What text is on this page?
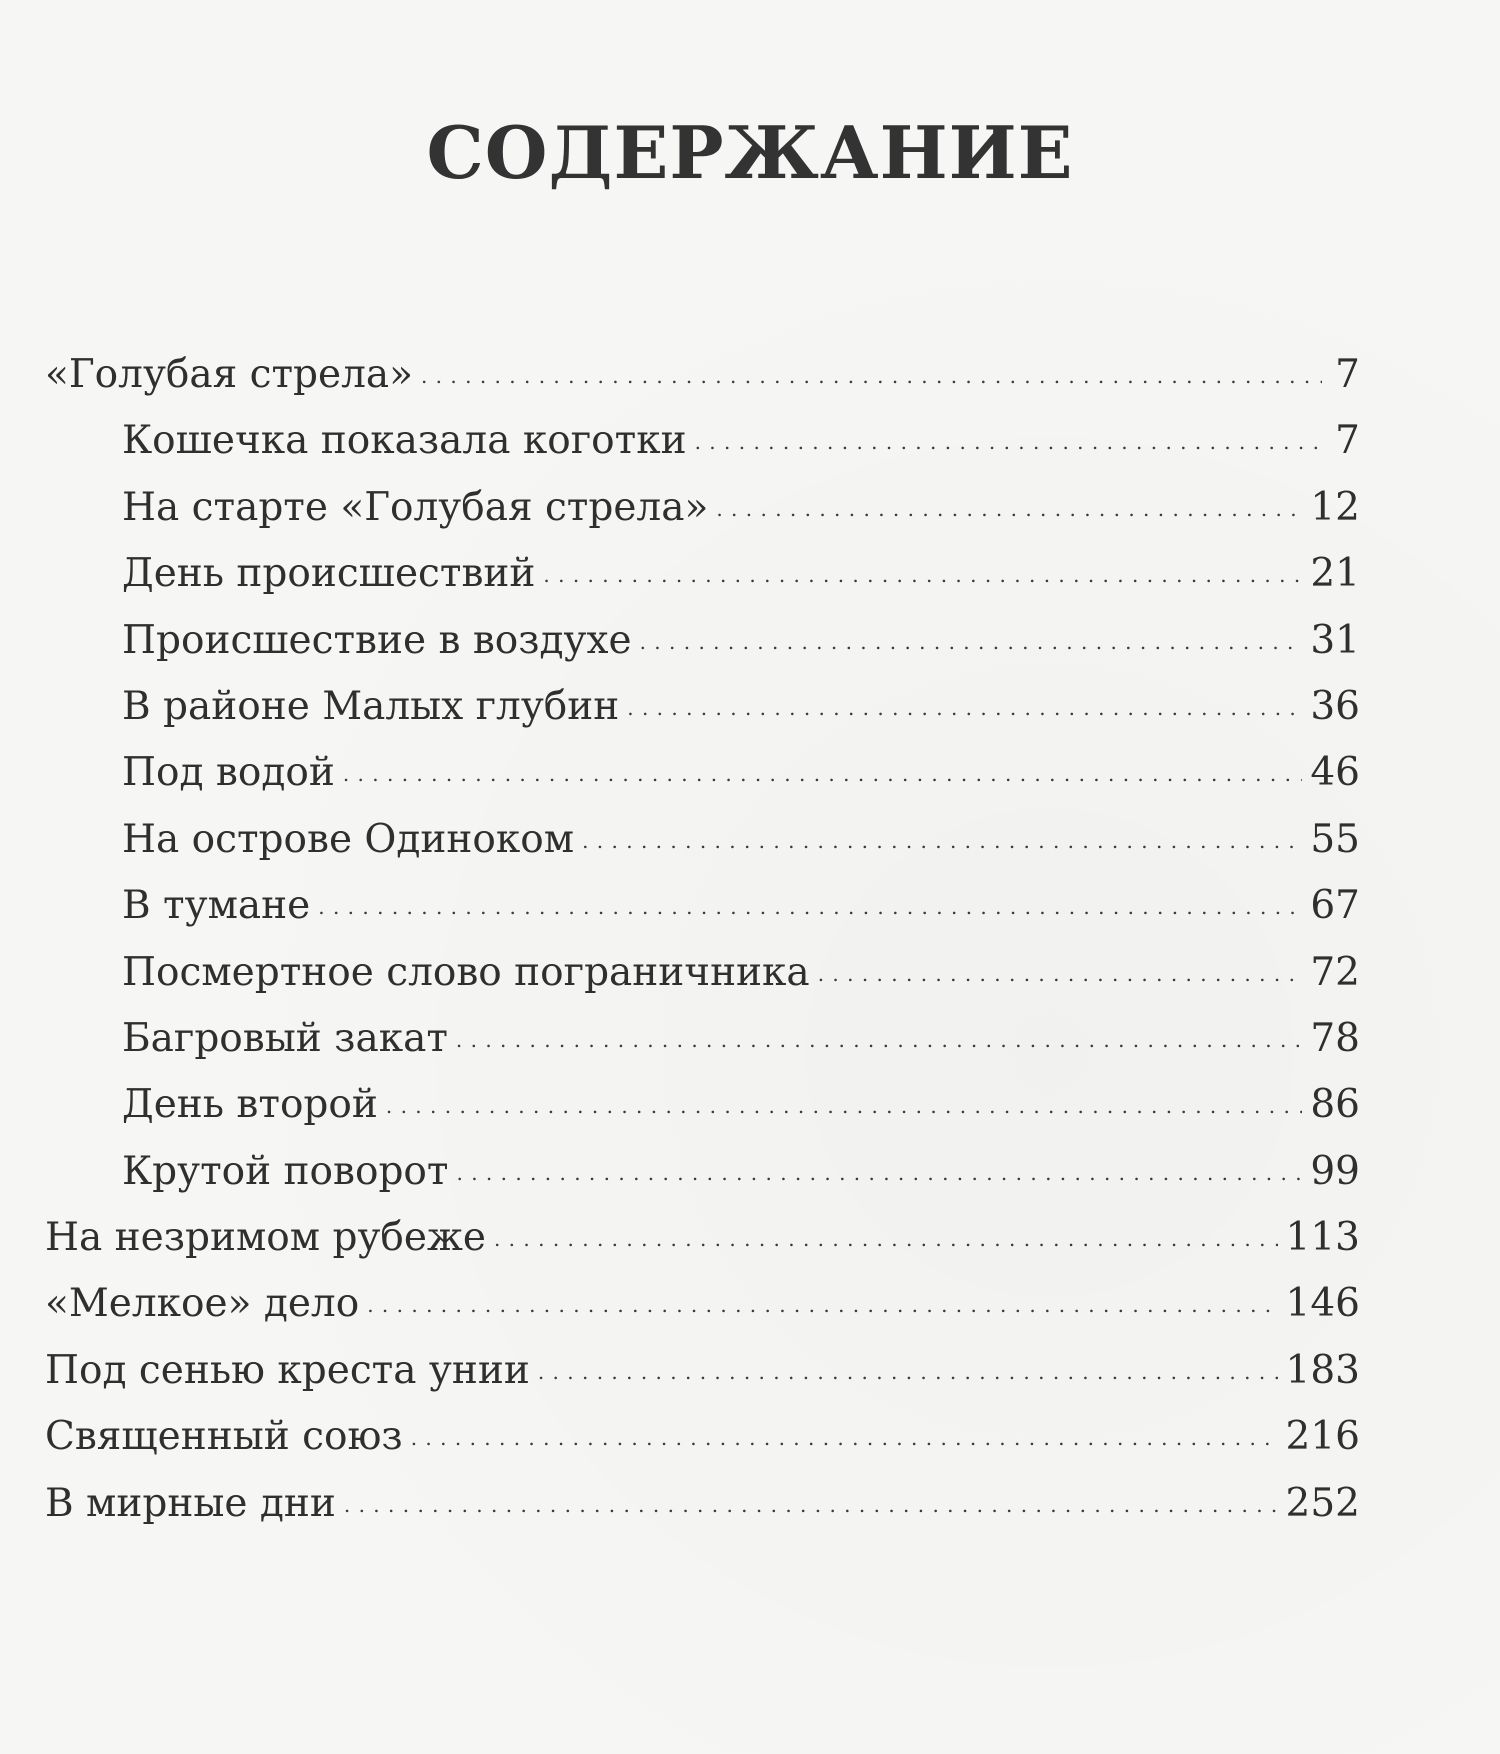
СОДЕРЖАНИЕ
«Голубая стрела» . . .	7
Кошечка показала коготки . . .	7
На старте «Голубая стрела» . . .	12
День происшествий . . .	21
Происшествие в воздухе . . .	31
В районе Малых глубин . . .	36
Под водой . . .	46
На острове Одиноком . . .	55
В тумане . . .	67
Посмертное слово пограничника . . .	72
Багровый закат . . .	78
День второй . . .	86
Крутой поворот . . .	99
На незримом рубеже . . .	113
«Мелкое» дело . . .	146
Под сенью креста унии . . .	183
Священный союз . . .	216
В мирные дни . . .	252
